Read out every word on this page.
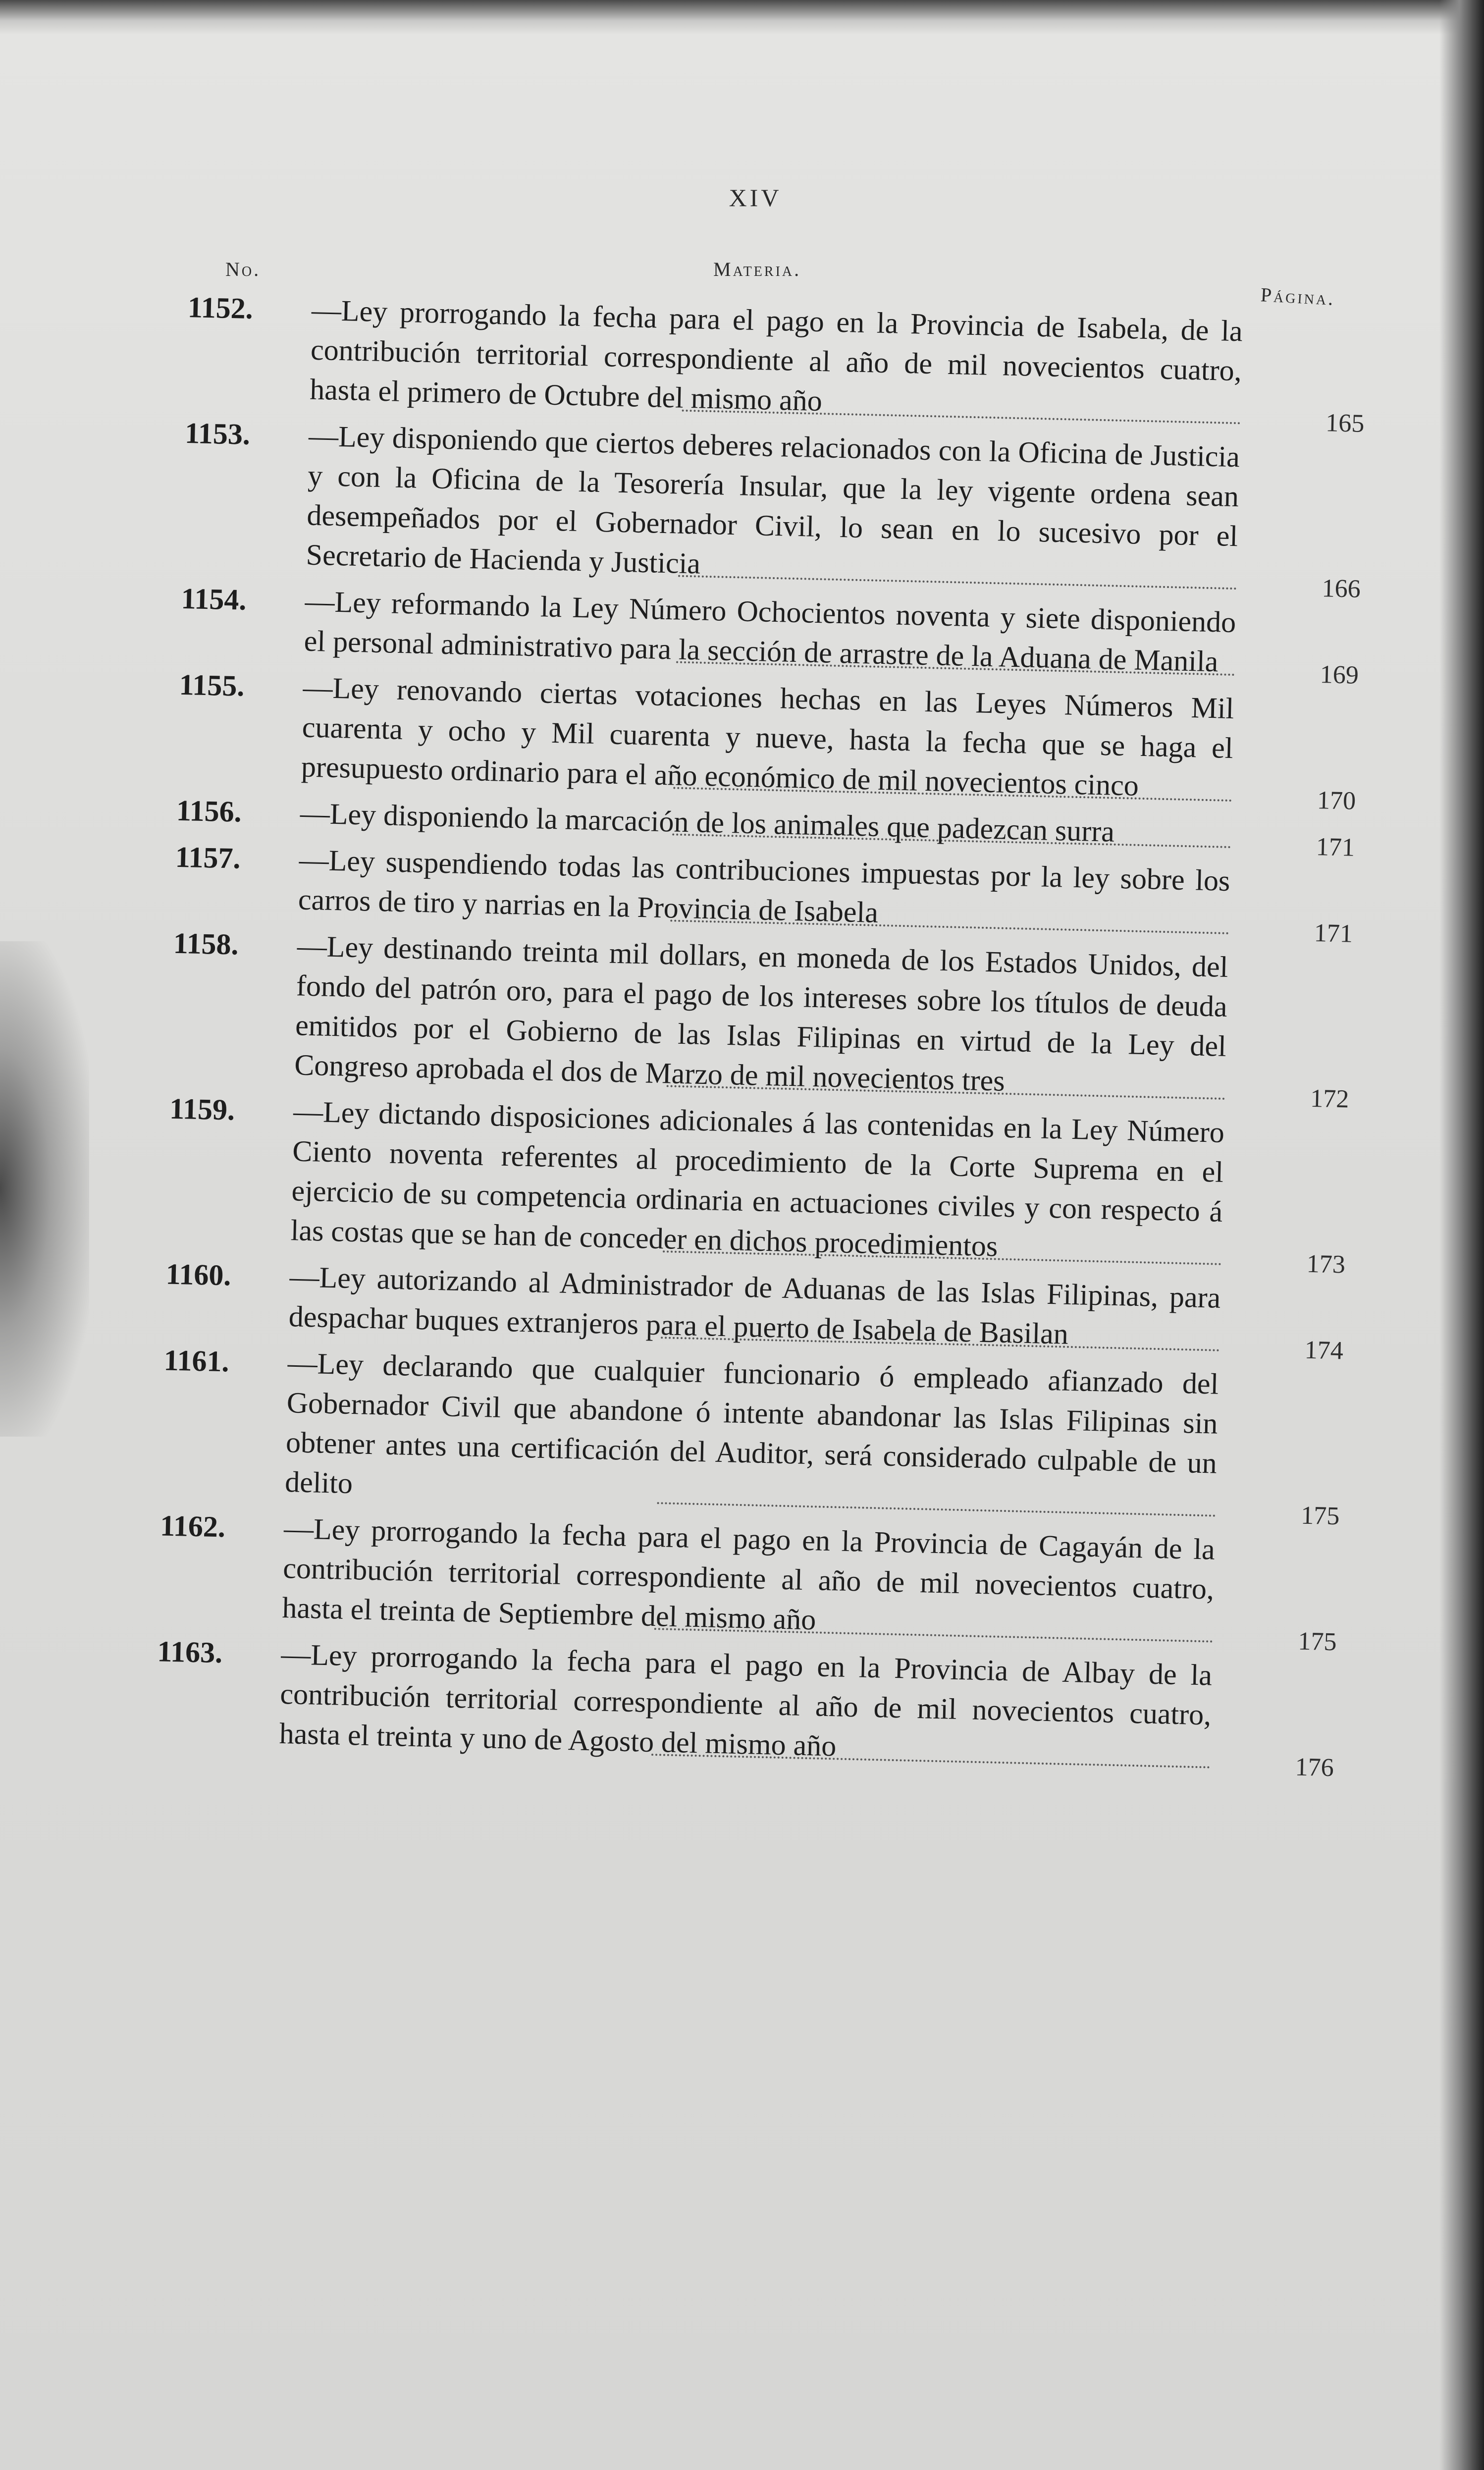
XIV
No.	Materia.
Página.
1152. —Ley prorrogando la fecha para el pago en la Provincia de Isabela, de la contribución territorial correspondiente al año de mil novecientos cuatro, hasta el primero de Octubre del mismo año
165
1153. —Ley disponiendo que ciertos deberes relacionados con la Oficina de Justicia y con la Oficina de la Tesorería Insular, que la ley vigente ordena sean desempeñados por el Gobernador Civil, lo sean en lo sucesivo por el Secretario de Hacienda y Justicia
166
1154. —Ley reformando la Ley Número Ochocientos noventa y siete disponiendo el personal administrativo para la sección de arrastre de la Aduana de Manila	169
1155. —Ley renovando ciertas votaciones hechas en las Leyes Números Mil cuarenta y ocho y Mil cuarenta y nueve, hasta la fecha que se haga el presupuesto ordinario para el año económico de mil novecientos cinco	170
1156. —Ley disponiendo la marcación de los animales que padezcan surra	171
1157. —Ley suspendiendo todas las contribuciones impuestas por la ley sobre los carros de tiro y narrias en la Provincia de Isabela
171
1158. —Ley destinando treinta mil dollars, en moneda de los Estados Unidos, del fondo del patrón oro, para el pago de los intereses sobre los títulos de deuda emitidos por el Gobierno de las Islas Filipinas en virtud de la Ley del Congreso aprobada el dos de Marzo de mil novecientos tres
172
1159. —Ley dictando disposiciones adicionales á las contenidas en la Ley Número Ciento noventa referentes al procedimiento de la Corte Suprema en el ejercicio de su competencia ordinaria en actuaciones civiles y con respecto á las costas que se han de conceder en dichos procedimientos
173
1160. —Ley autorizando al Administrador de Aduanas de las Islas Filipinas, para despachar buques extranjeros para el puerto de Isabela de Basilan
174
1161. —Ley declarando que cualquier funcionario ó empleado afianzado del Gobernador Civil que abandone ó intente abandonar las Islas Filipinas sin obtener antes una certificación del Auditor, será considerado culpable de un delito
175
1162. —Ley prorrogando la fecha para el pago en la Provincia de Cagayán de la contribución territorial correspondiente al año de mil novecientos cuatro, hasta el treinta de Septiembre del mismo año
175
1163. —Ley prorrogando la fecha para el pago en la Provincia de Albay de la contribución territorial correspondiente al año de mil novecientos cuatro, hasta el treinta y uno de Agosto del mismo año
176
